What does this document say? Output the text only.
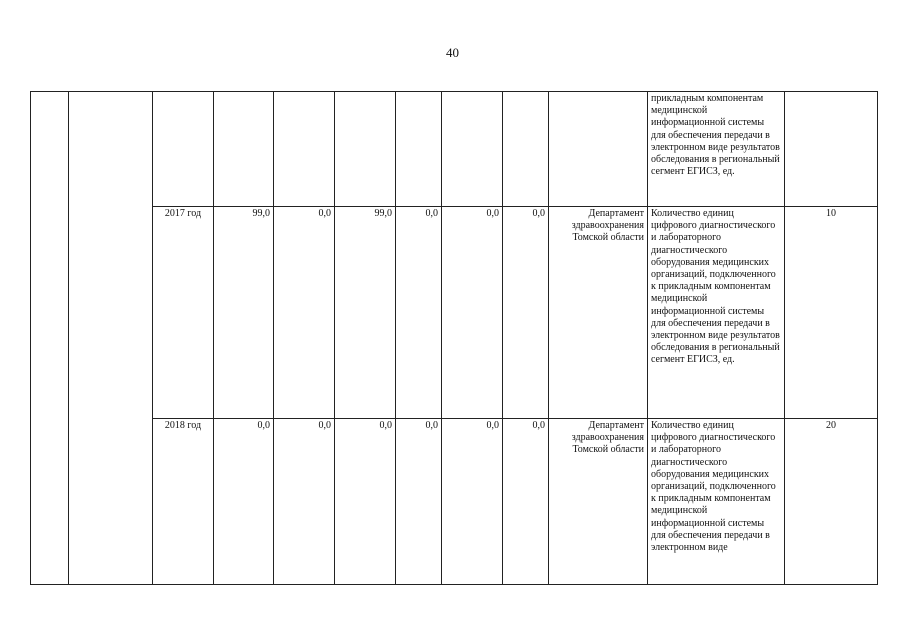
40
										прикладным компонентам медицинской информационной системы для обеспечения передачи в электронном виде результатов обследования в региональный сегмент ЕГИСЗ, ед.	
		2017 год	99,0	0,0	99,0	0,0	0,0	0,0	Департамент здравоохранения Томской области	Количество единиц цифрового диагностического и лабораторного диагностического оборудования медицинских организаций, подключенного к прикладным компонентам медицинской информационной системы для обеспечения передачи в электронном виде результатов обследования в региональный сегмент ЕГИСЗ, ед.	10
		2018 год	0,0	0,0	0,0	0,0	0,0	0,0	Департамент здравоохранения Томской области	Количество единиц цифрового диагностического и лабораторного диагностического оборудования медицинских организаций, подключенного к прикладным компонентам медицинской информационной системы для обеспечения передачи в электронном виде	20
